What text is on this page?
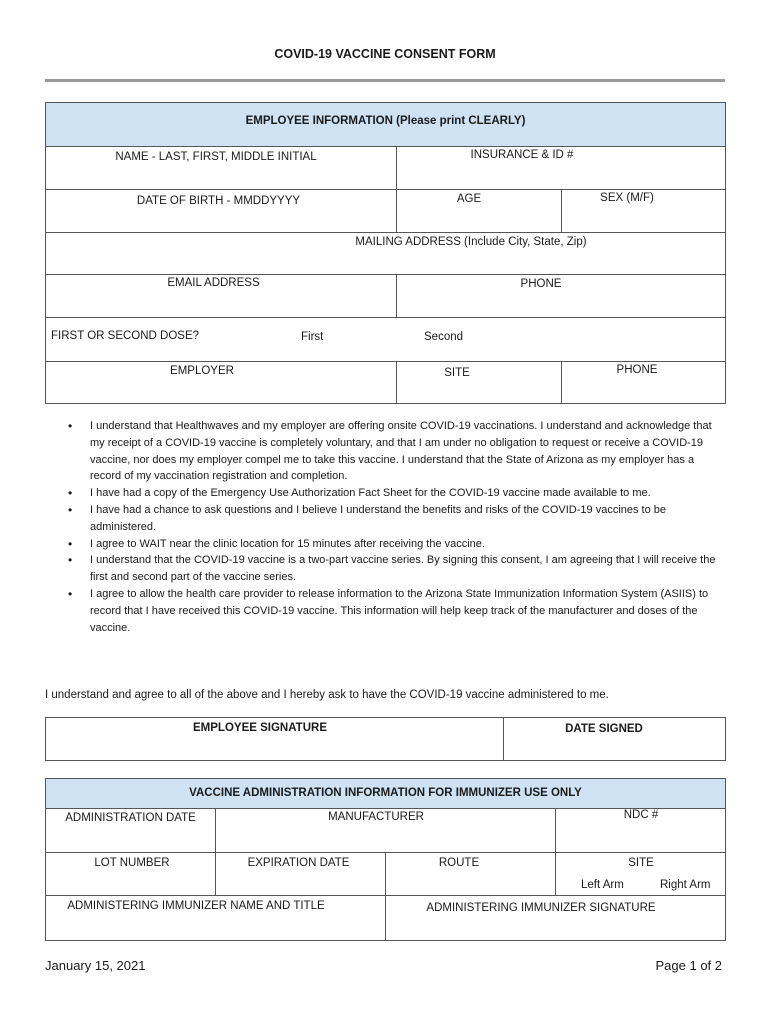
COVID-19 VACCINE CONSENT FORM
EMPLOYEE INFORMATION (Please print CLEARLY)
NAME - LAST, FIRST, MIDDLE INITIAL	INSURANCE & ID #
DATE OF BIRTH - MMDDYYYY	AGE	SEX (M/F)
MAILING ADDRESS (Include City, State, Zip)
EMAIL ADDRESS	PHONE
FIRST OR SECOND DOSE?	First	Second
EMPLOYER	SITE	PHONE
• I understand that Healthwaves and my employer are offering onsite COVID-19 vaccinations. I understand and acknowledge that my receipt of a COVID-19 vaccine is completely voluntary, and that I am under no obligation to request or receive a COVID-19 vaccine, nor does my employer compel me to take this vaccine. I understand that the State of Arizona as my employer has a record of my vaccination registration and completion.
• I have had a copy of the Emergency Use Authorization Fact Sheet for the COVID-19 vaccine made available to me.
• I have had a chance to ask questions and I believe I understand the benefits and risks of the COVID-19 vaccines to be administered.
• I agree to WAIT near the clinic location for 15 minutes after receiving the vaccine.
• I understand that the COVID-19 vaccine is a two-part vaccine series. By signing this consent, I am agreeing that I will receive the first and second part of the vaccine series.
• I agree to allow the health care provider to release information to the Arizona State Immunization Information System (ASIIS) to record that I have received this COVID-19 vaccine. This information will help keep track of the manufacturer and doses of the vaccine.
I understand and agree to all of the above and I hereby ask to have the COVID-19 vaccine administered to me.
EMPLOYEE SIGNATURE	DATE SIGNED
VACCINE ADMINISTRATION INFORMATION FOR IMMUNIZER USE ONLY
ADMINISTRATION DATE	MANUFACTURER	NDC #
LOT NUMBER	EXPIRATION DATE	ROUTE	SITE
Left Arm	Right Arm
ADMINISTERING IMMUNIZER NAME AND TITLE	ADMINISTERING IMMUNIZER SIGNATURE
January 15, 2021	Page 1 of 2
